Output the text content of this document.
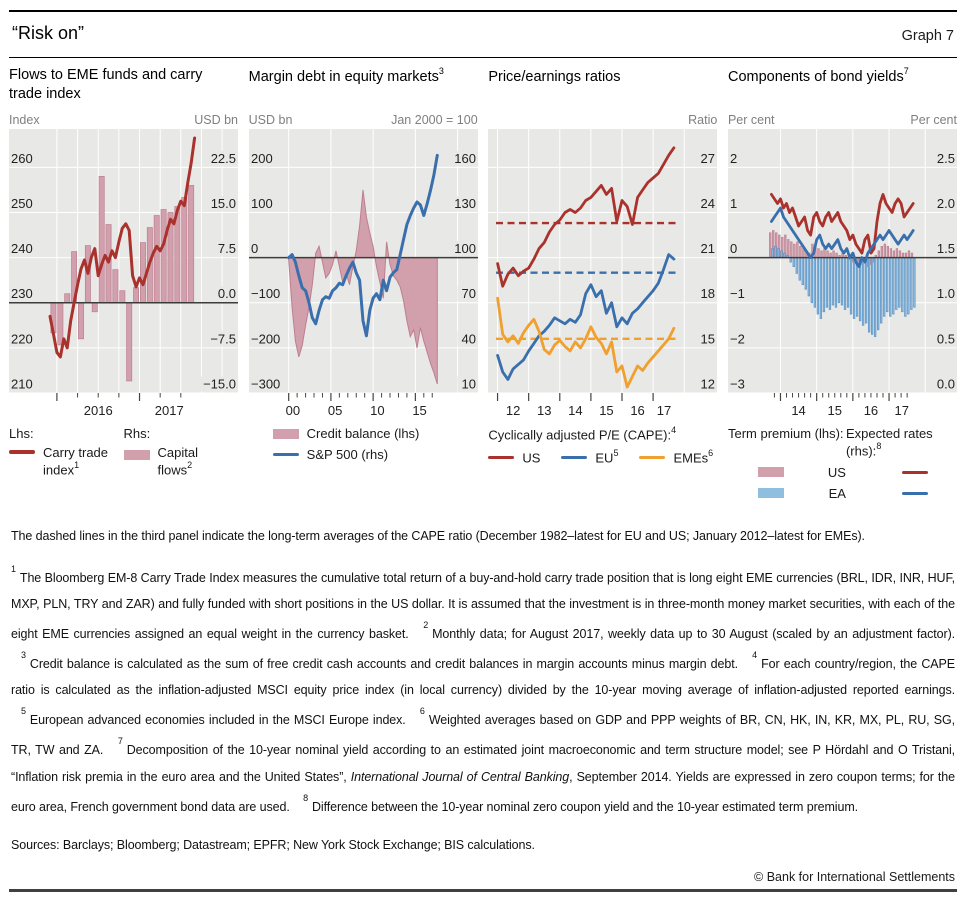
“Risk on”	Graph 7
Flows to EME funds and carry trade index
Index	USD bn
210
220
230
240
250
260
−15.0
−7.5
0.0
7.5
15.0
22.5
2016	2017
Lhs:
Carry trade index$^1$
Rhs:
Capital flows$^2$
Margin debt in equity markets$^3$
USD bn	Jan 2000 = 100
−300
−200
−100
0
100
200
10
40
70
100
130
160
00 05 10 15
Credit balance (lhs)
S&P 500 (rhs)
Price/earnings ratios
Ratio
12
15
18
21
24
27
12 13 14 15 16 17
Cyclically adjusted P/E (CAPE):$^4$
US	$EU^5$	EMEs$^6$
Components of bond yields$^7$
Per cent	Per cent
−3
−2
−1
0
1
2
0.0
0.5
1.0
1.5
2.0
2.5
14 15 16 17
Term premium (lhs): Expected rates (rhs):$^8$
US
EA

The dashed lines in the third panel indicate the long-term averages of the CAPE ratio (December 1982–latest for EU and US; January 2012–latest for EMEs).

$^1$The Bloomberg EM-8 Carry Trade Index measures the cumulative total return of a buy-and-hold carry trade position that is long eight EME currencies (BRL, IDR, INR, HUF, MXP, PLN, TRY and ZAR) and fully funded with short positions in the US dollar. It is assumed that the investment is in three-month money market securities, with each of the eight EME currencies assigned an equal weight in the currency basket. $^2$Monthly data; for August 2017, weekly data up to 30 August (scaled by an adjustment factor). $^3$Credit balance is calculated as the sum of free credit cash accounts and credit balances in margin accounts minus margin debt. $^4$For each country/region, the CAPE ratio is calculated as the inflation-adjusted MSCI equity price index (in local currency) divided by the 10-year moving average of inflation-adjusted reported earnings. $^5$European advanced economies included in the MSCI Europe index. $^6$Weighted averages based on GDP and PPP weights of BR, CN, HK, IN, KR, MX, PL, RU, SG, TR, TW and ZA. $^7$Decomposition of the 10-year nominal yield according to an estimated joint macroeconomic and term structure model; see P Hördahl and O Tristani, “Inflation risk premia in the euro area and the United States”, International Journal of Central Banking, September 2014. Yields are expressed in zero coupon terms; for the euro area, French government bond data are used. $^8$Difference between the 10-year nominal zero coupon yield and the 10-year estimated term premium.

Sources: Barclays; Bloomberg; Datastream; EPFR; New York Stock Exchange; BIS calculations.

© Bank for International Settlements
